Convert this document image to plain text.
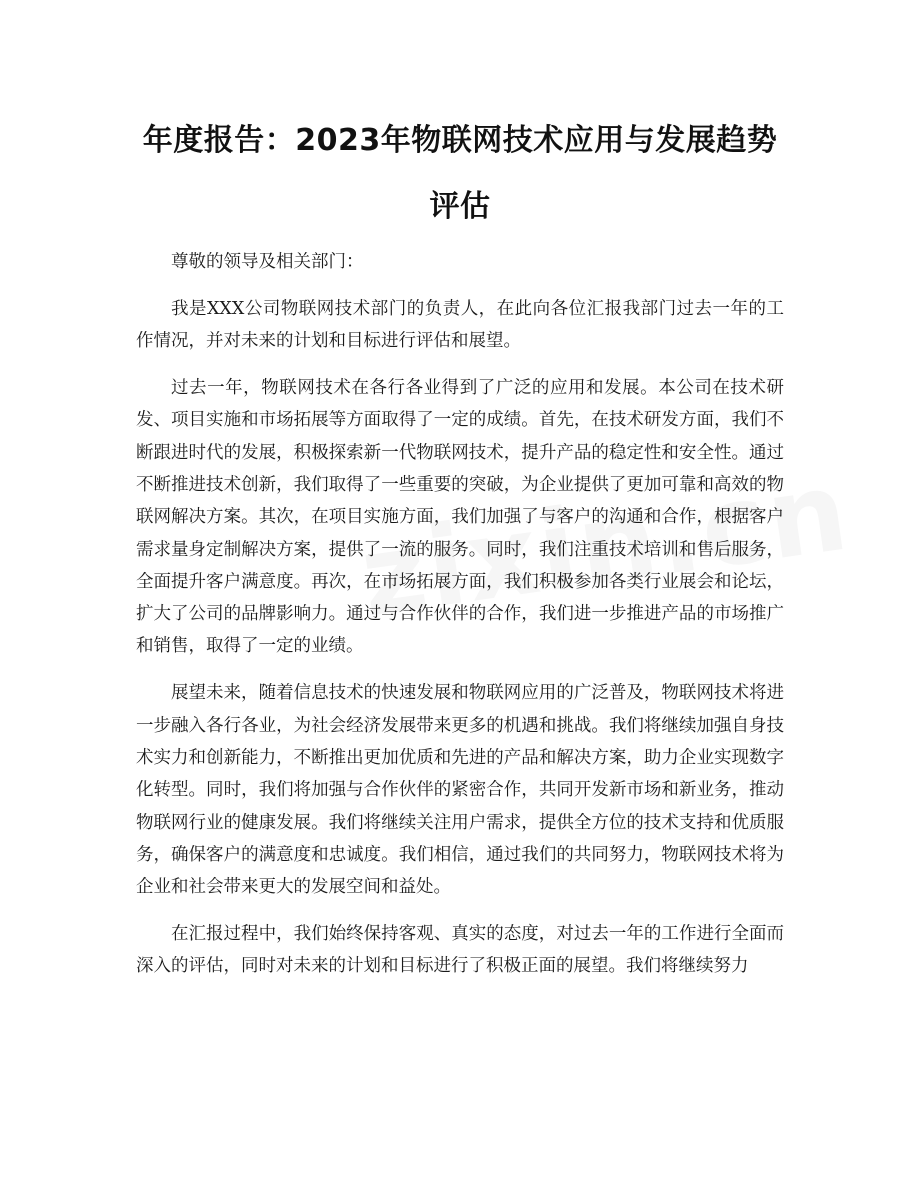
年度报告：2023年物联网技术应用与发展趋势评估

尊敬的领导及相关部门：

我是XXX公司物联网技术部门的负责人，在此向各位汇报我部门过去一年的工作情况，并对未来的计划和目标进行评估和展望。

过去一年，物联网技术在各行各业得到了广泛的应用和发展。本公司在技术研发、项目实施和市场拓展等方面取得了一定的成绩。首先，在技术研发方面，我们不断跟进时代的发展，积极探索新一代物联网技术，提升产品的稳定性和安全性。通过不断推进技术创新，我们取得了一些重要的突破，为企业提供了更加可靠和高效的物联网解决方案。其次，在项目实施方面，我们加强了与客户的沟通和合作，根据客户需求量身定制解决方案，提供了一流的服务。同时，我们注重技术培训和售后服务，全面提升客户满意度。再次，在市场拓展方面，我们积极参加各类行业展会和论坛，扩大了公司的品牌影响力。通过与合作伙伴的合作，我们进一步推进产品的市场推广和销售，取得了一定的业绩。

展望未来，随着信息技术的快速发展和物联网应用的广泛普及，物联网技术将进一步融入各行各业，为社会经济发展带来更多的机遇和挑战。我们将继续加强自身技术实力和创新能力，不断推出更加优质和先进的产品和解决方案，助力企业实现数字化转型。同时，我们将加强与合作伙伴的紧密合作，共同开发新市场和新业务，推动物联网行业的健康发展。我们将继续关注用户需求，提供全方位的技术支持和优质服务，确保客户的满意度和忠诚度。我们相信，通过我们的共同努力，物联网技术将为企业和社会带来更大的发展空间和益处。

在汇报过程中，我们始终保持客观、真实的态度，对过去一年的工作进行全面而深入的评估，同时对未来的计划和目标进行了积极正面的展望。我们将继续努力
